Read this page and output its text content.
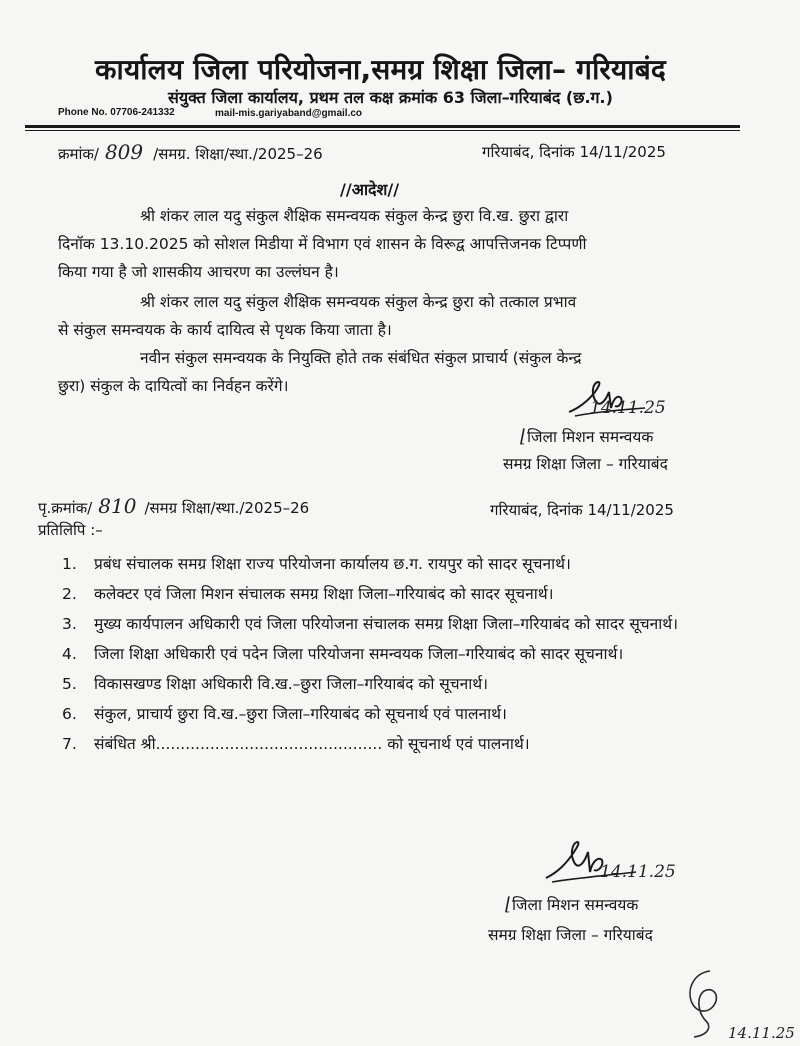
कार्यालय जिला परियोजना,समग्र शिक्षा जिला– गरियाबंद
संयुक्त जिला कार्यालय, प्रथम तल कक्ष क्रमांक 63 जिला–गरियाबंद (छ.ग.)
Phone No. 07706-241332	mail-mis.gariyaband@gmail.co
क्रमांक/ 809 /समग्र. शिक्षा/स्था./2025–26	गरियाबंद, दिनांक 14/11/2025
//आदेश//
श्री शंकर लाल यदु संकुल शैक्षिक समन्वयक संकुल केन्द्र छुरा वि.ख. छुरा द्वारा
दिनॉक 13.10.2025 को सोशल मिडीया में विभाग एवं शासन के विरूद्व आपत्तिजनक टिप्पणी
किया गया है जो शासकीय आचरण का उल्लंघन है।
श्री शंकर लाल यदु संकुल शैक्षिक समन्वयक संकुल केन्द्र छुरा को तत्काल प्रभाव
से संकुल समन्वयक के कार्य दायित्व से पृथक किया जाता है।
नवीन संकुल समन्वयक के नियुक्ति होते तक संबंधित संकुल प्राचार्य (संकुल केन्द्र
छुरा) संकुल के दायित्वों का निर्वहन करेंगे।
14.11.25
⌊जिला मिशन समन्वयक
समग्र शिक्षा जिला – गरियाबंद
पृ.क्रमांक/ 810 /समग्र शिक्षा/स्था./2025–26	गरियाबंद, दिनांक 14/11/2025
प्रतिलिपि :–
1. प्रबंध संचालक समग्र शिक्षा राज्य परियोजना कार्यालय छ.ग. रायपुर को सादर सूचनार्थ।
2. कलेक्टर एवं जिला मिशन संचालक समग्र शिक्षा जिला–गरियाबंद को सादर सूचनार्थ।
3. मुख्य कार्यपालन अधिकारी एवं जिला परियोजना संचालक समग्र शिक्षा जिला–गरियाबंद को सादर सूचनार्थ।
4. जिला शिक्षा अधिकारी एवं पदेन जिला परियोजना समन्वयक जिला–गरियाबंद को सादर सूचनार्थ।
5. विकासखण्ड शिक्षा अधिकारी वि.ख.–छुरा जिला–गरियाबंद को सूचनार्थ।
6. संकुल, प्राचार्य छुरा वि.ख.–छुरा जिला–गरियाबंद को सूचनार्थ एवं पालनार्थ।
7. संबंधित श्री.............................................. को सूचनार्थ एवं पालनार्थ।
14.11.25
⌊जिला मिशन समन्वयक
समग्र शिक्षा जिला – गरियाबंद
14.11.25
